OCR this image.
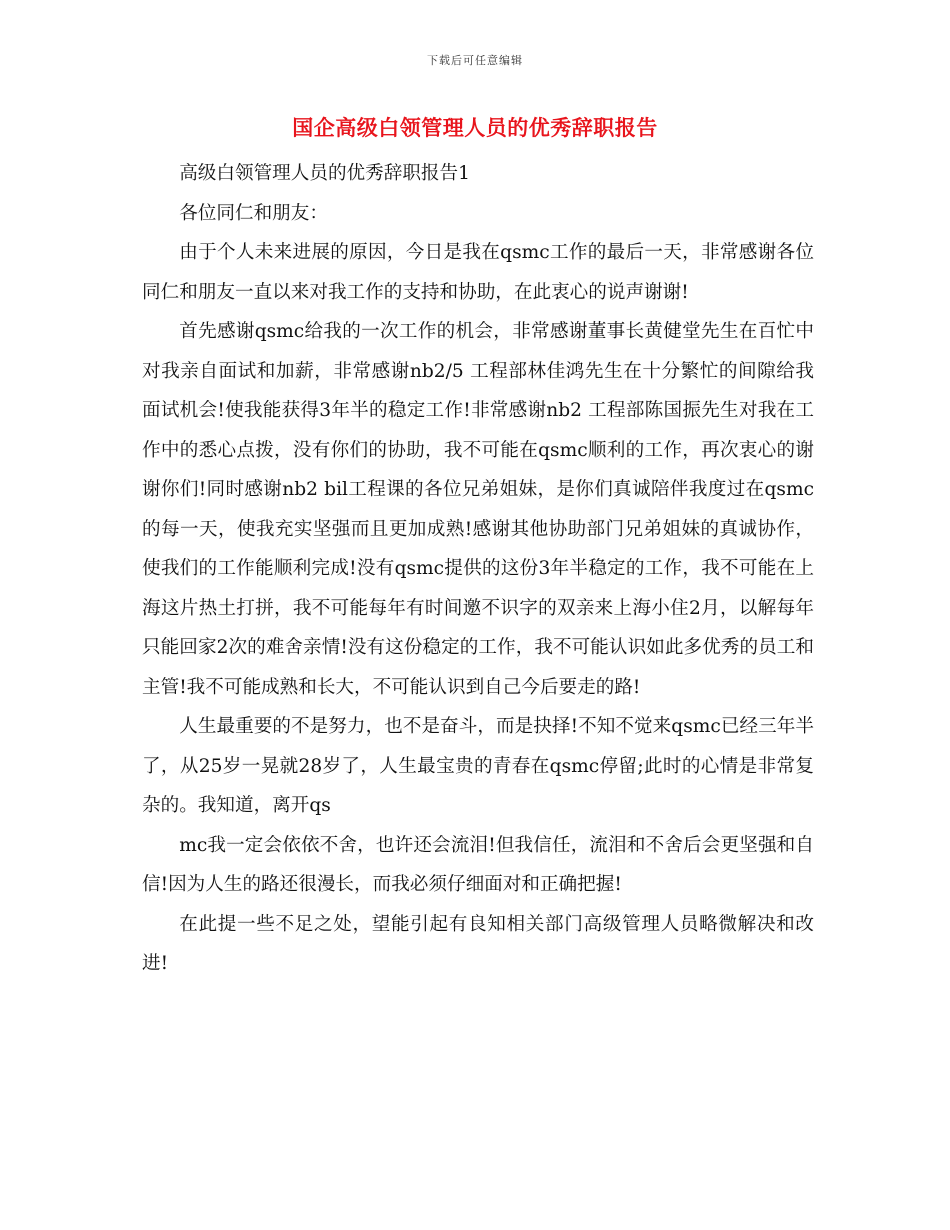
下载后可任意编辑
国企高级白领管理人员的优秀辞职报告

高级白领管理人员的优秀辞职报告1

各位同仁和朋友：

由于个人未来进展的原因，今日是我在qsmc工作的最后一天，非常感谢各位同仁和朋友一直以来对我工作的支持和协助，在此衷心的说声谢谢!

首先感谢qsmc给我的一次工作的机会，非常感谢董事长黄健堂先生在百忙中对我亲自面试和加薪，非常感谢nb2/5 工程部林佳鸿先生在十分繁忙的间隙给我面试机会!使我能获得3年半的稳定工作!非常感谢nb2 工程部陈国振先生对我在工作中的悉心点拨，没有你们的协助，我不可能在qsmc顺利的工作，再次衷心的谢谢你们!同时感谢nb2 bil工程课的各位兄弟姐妹，是你们真诚陪伴我度过在qsmc的每一天，使我充实坚强而且更加成熟!感谢其他协助部门兄弟姐妹的真诚协作，使我们的工作能顺利完成!没有qsmc提供的这份3年半稳定的工作，我不可能在上海这片热土打拼，我不可能每年有时间邀不识字的双亲来上海小住2月，以解每年只能回家2次的难舍亲情!没有这份稳定的工作，我不可能认识如此多优秀的员工和主管!我不可能成熟和长大，不可能认识到自己今后要走的路!

人生最重要的不是努力，也不是奋斗，而是抉择!不知不觉来qsmc已经三年半了，从25岁一晃就28岁了，人生最宝贵的青春在qsmc停留;此时的心情是非常复杂的。我知道，离开qs

mc我一定会依依不舍，也许还会流泪!但我信任，流泪和不舍后会更坚强和自信!因为人生的路还很漫长，而我必须仔细面对和正确把握!

在此提一些不足之处，望能引起有良知相关部门高级管理人员略微解决和改进!
